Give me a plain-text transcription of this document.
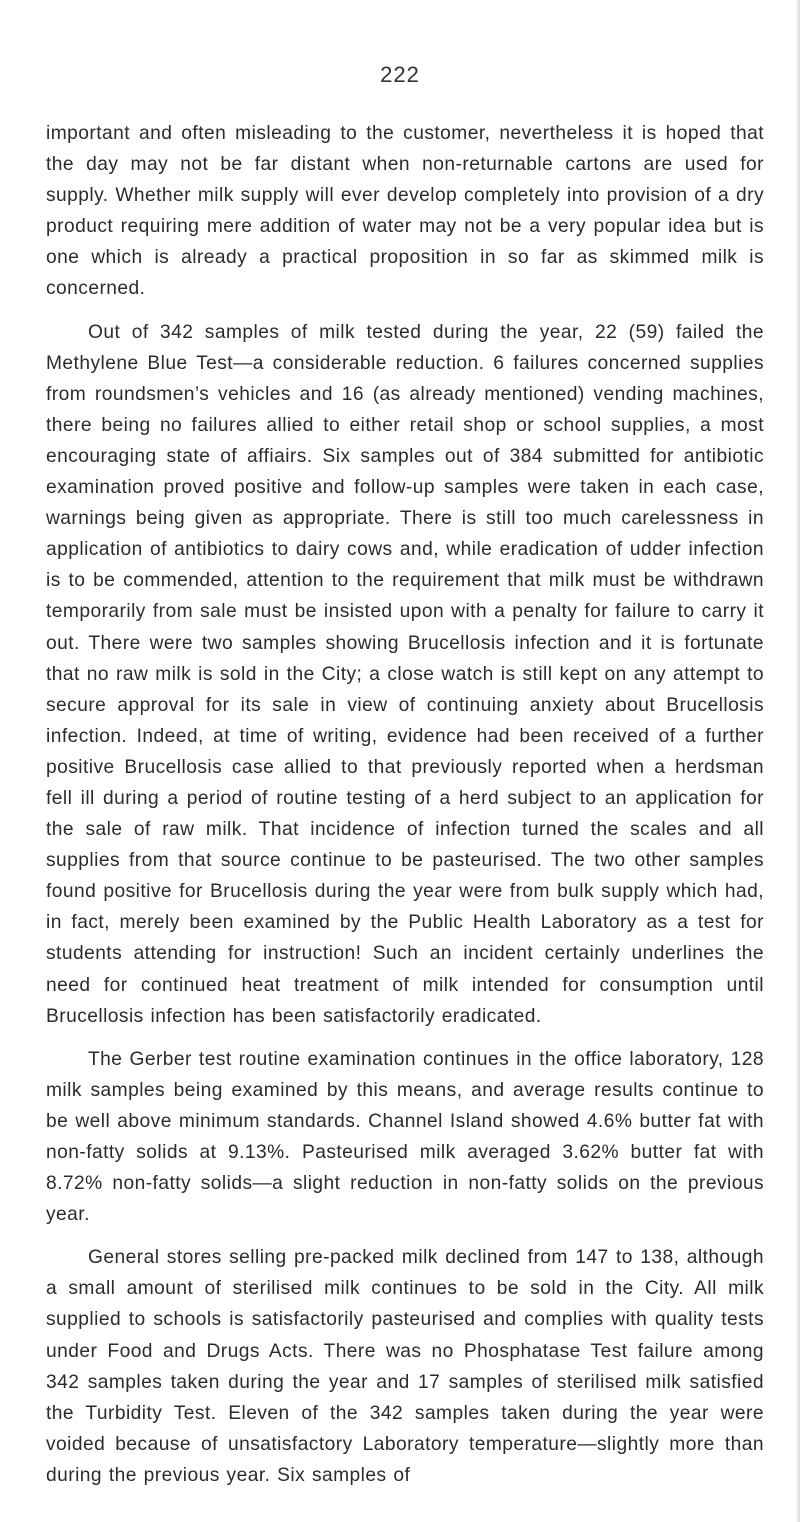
222

important and often misleading to the customer, nevertheless it is hoped that the day may not be far distant when non-returnable cartons are used for supply. Whether milk supply will ever develop completely into provision of a dry product requiring mere addition of water may not be a very popular idea but is one which is already a practical proposition in so far as skimmed milk is concerned.

Out of 342 samples of milk tested during the year, 22 (59) failed the Methylene Blue Test—a considerable reduction. 6 failures concerned supplies from roundsmen’s vehicles and 16 (as already mentioned) vending machines, there being no failures allied to either retail shop or school supplies, a most encouraging state of affiairs. Six samples out of 384 submitted for antibiotic examination proved positive and follow-up samples were taken in each case, warnings being given as appropriate. There is still too much carelessness in application of antibiotics to dairy cows and, while eradication of udder infection is to be commended, attention to the requirement that milk must be withdrawn temporarily from sale must be insisted upon with a penalty for failure to carry it out. There were two samples showing Brucellosis infection and it is fortunate that no raw milk is sold in the City; a close watch is still kept on any attempt to secure approval for its sale in view of continuing anxiety about Brucellosis infection. Indeed, at time of writing, evidence had been received of a further positive Brucellosis case allied to that previously reported when a herdsman fell ill during a period of routine testing of a herd subject to an application for the sale of raw milk. That incidence of infection turned the scales and all supplies from that source continue to be pasteurised. The two other samples found positive for Brucellosis during the year were from bulk supply which had, in fact, merely been examined by the Public Health Laboratory as a test for students attending for instruction! Such an incident certainly underlines the need for continued heat treatment of milk intended for consumption until Brucellosis infection has been satisfactorily eradicated.

The Gerber test routine examination continues in the office laboratory, 128 milk samples being examined by this means, and average results continue to be well above minimum standards. Channel Island showed 4.6% butter fat with non-fatty solids at 9.13%. Pasteurised milk averaged 3.62% butter fat with 8.72% non-fatty solids—a slight reduction in non-fatty solids on the previous year.

General stores selling pre-packed milk declined from 147 to 138, although a small amount of sterilised milk continues to be sold in the City. All milk supplied to schools is satisfactorily pasteurised and complies with quality tests under Food and Drugs Acts. There was no Phosphatase Test failure among 342 samples taken during the year and 17 samples of sterilised milk satisfied the Turbidity Test. Eleven of the 342 samples taken during the year were voided because of unsatisfactory Laboratory temperature—slightly more than during the previous year. Six samples of
